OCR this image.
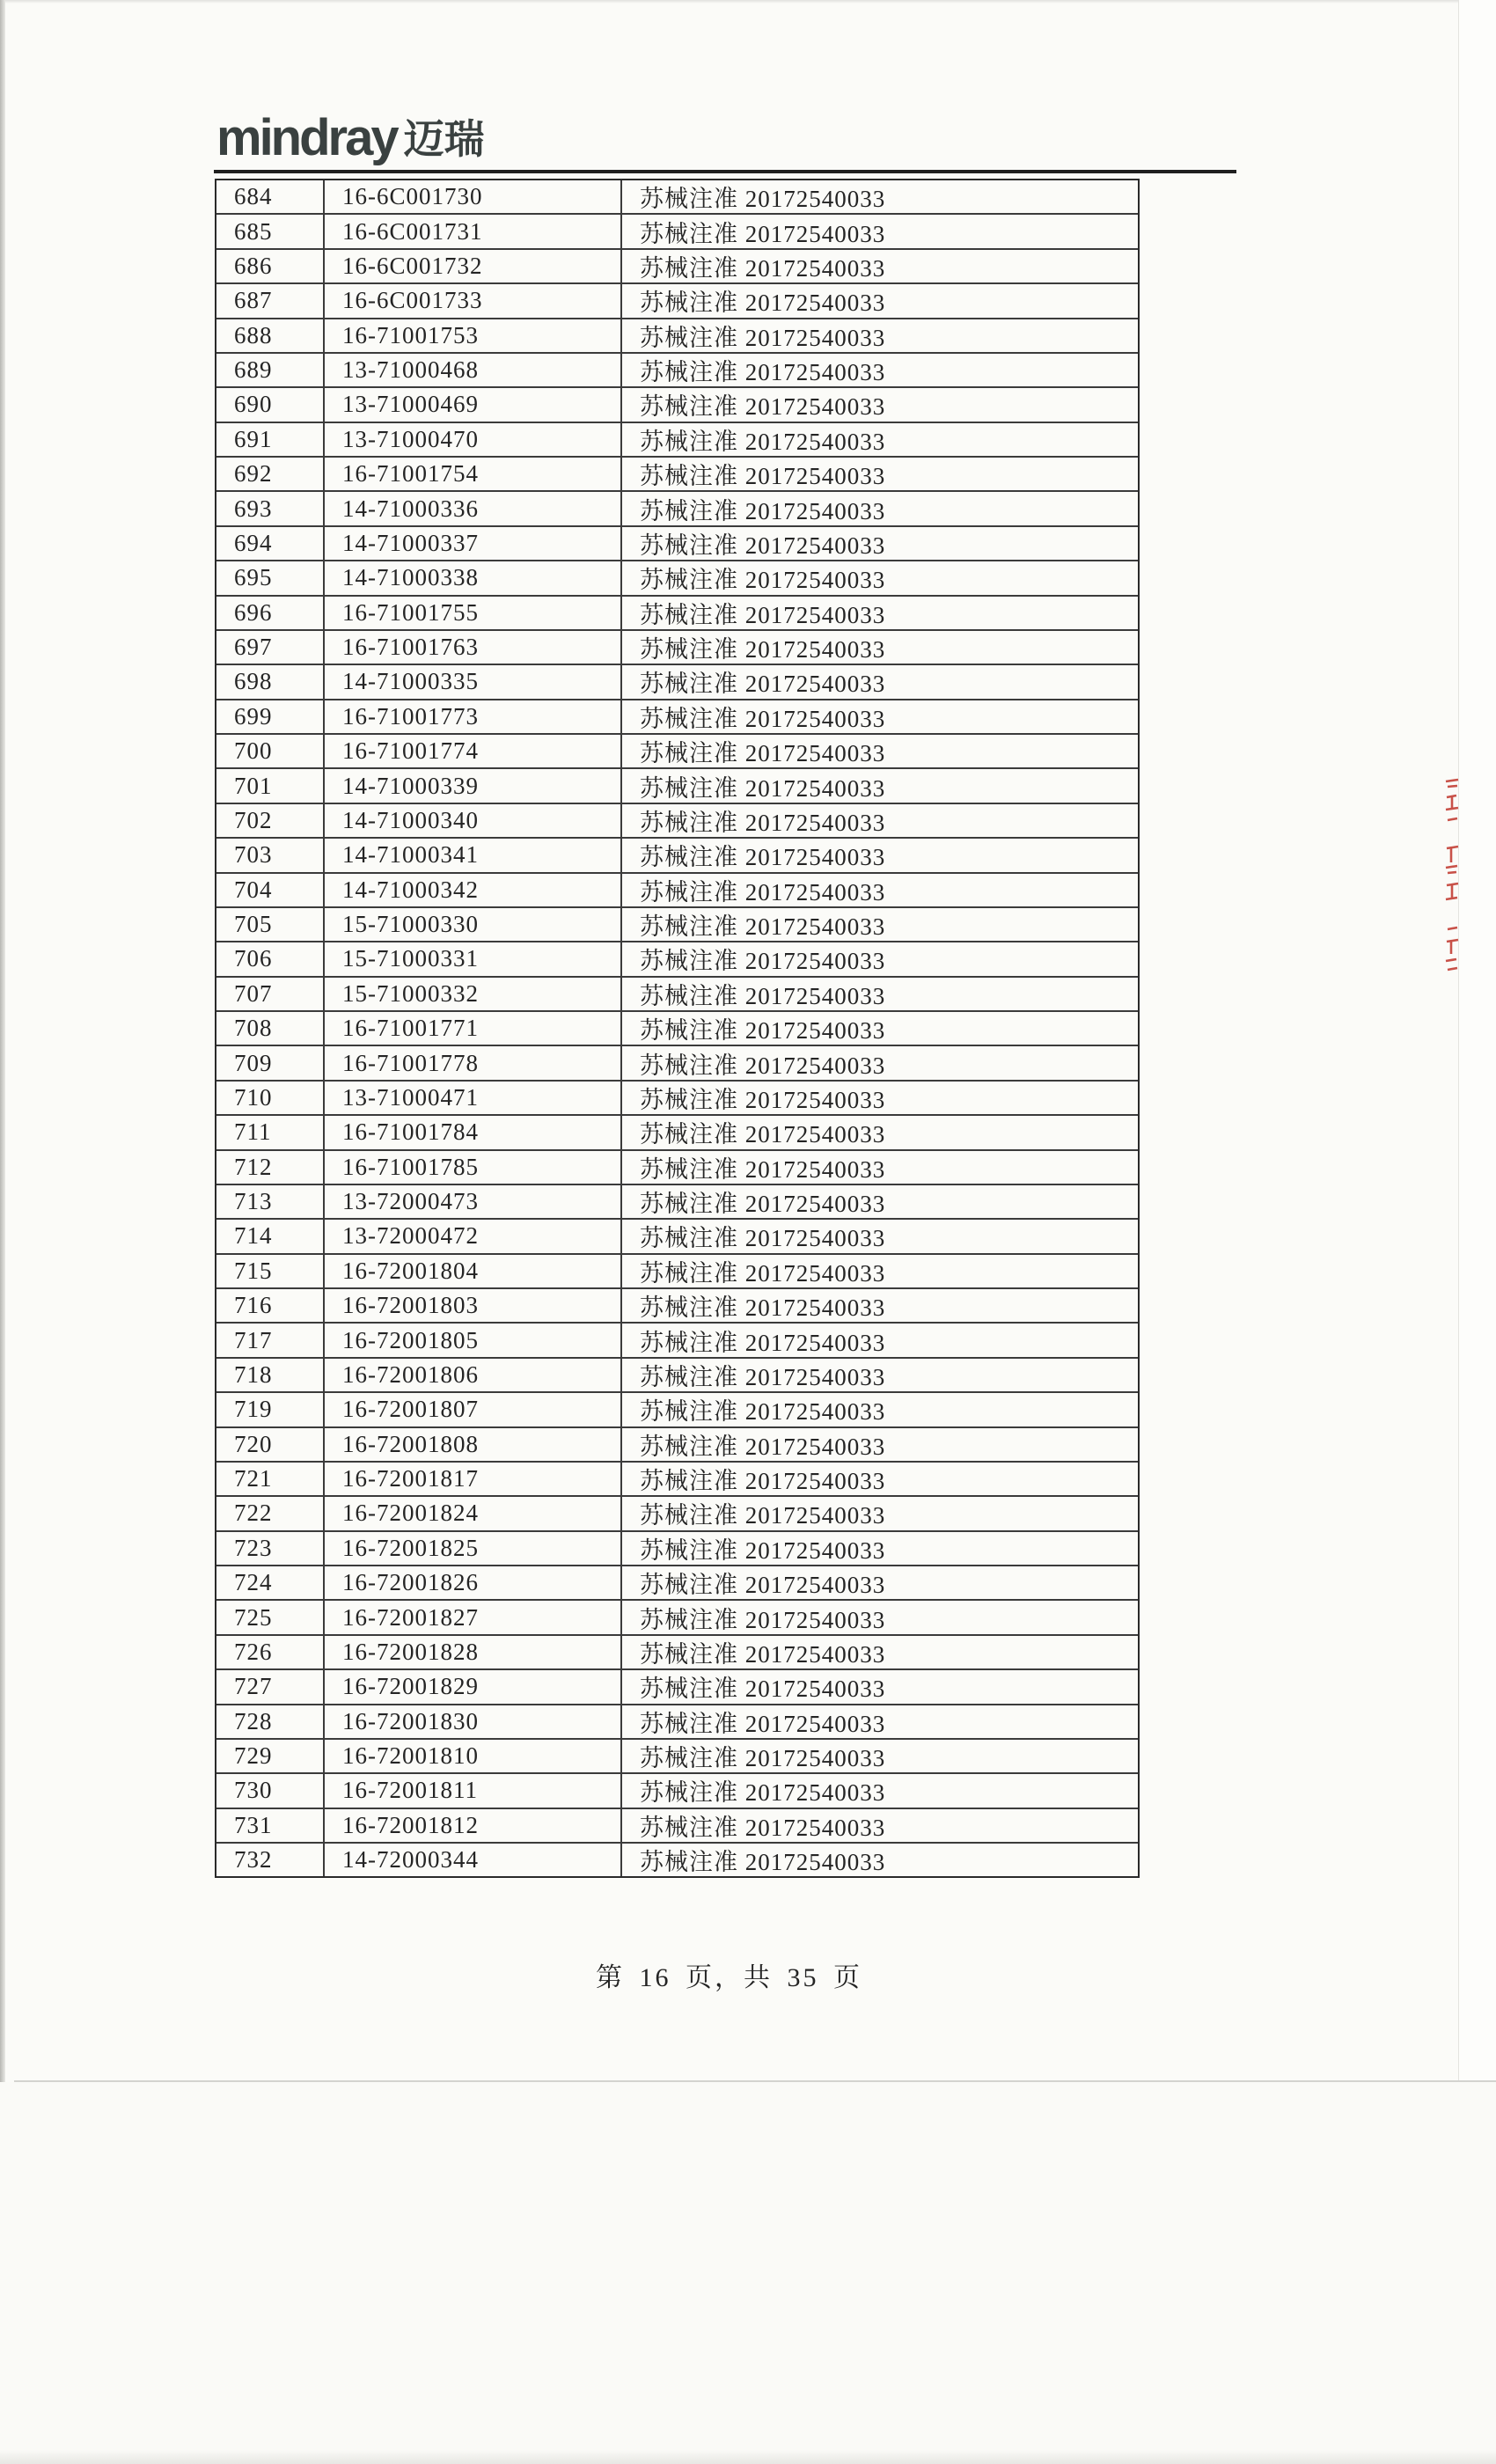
mindray 迈瑞
684	16-6C001730	苏械注准 20172540033
685	16-6C001731	苏械注准 20172540033
686	16-6C001732	苏械注准 20172540033
687	16-6C001733	苏械注准 20172540033
688	16-71001753	苏械注准 20172540033
689	13-71000468	苏械注准 20172540033
690	13-71000469	苏械注准 20172540033
691	13-71000470	苏械注准 20172540033
692	16-71001754	苏械注准 20172540033
693	14-71000336	苏械注准 20172540033
694	14-71000337	苏械注准 20172540033
695	14-71000338	苏械注准 20172540033
696	16-71001755	苏械注准 20172540033
697	16-71001763	苏械注准 20172540033
698	14-71000335	苏械注准 20172540033
699	16-71001773	苏械注准 20172540033
700	16-71001774	苏械注准 20172540033
701	14-71000339	苏械注准 20172540033
702	14-71000340	苏械注准 20172540033
703	14-71000341	苏械注准 20172540033
704	14-71000342	苏械注准 20172540033
705	15-71000330	苏械注准 20172540033
706	15-71000331	苏械注准 20172540033
707	15-71000332	苏械注准 20172540033
708	16-71001771	苏械注准 20172540033
709	16-71001778	苏械注准 20172540033
710	13-71000471	苏械注准 20172540033
711	16-71001784	苏械注准 20172540033
712	16-71001785	苏械注准 20172540033
713	13-72000473	苏械注准 20172540033
714	13-72000472	苏械注准 20172540033
715	16-72001804	苏械注准 20172540033
716	16-72001803	苏械注准 20172540033
717	16-72001805	苏械注准 20172540033
718	16-72001806	苏械注准 20172540033
719	16-72001807	苏械注准 20172540033
720	16-72001808	苏械注准 20172540033
721	16-72001817	苏械注准 20172540033
722	16-72001824	苏械注准 20172540033
723	16-72001825	苏械注准 20172540033
724	16-72001826	苏械注准 20172540033
725	16-72001827	苏械注准 20172540033
726	16-72001828	苏械注准 20172540033
727	16-72001829	苏械注准 20172540033
728	16-72001830	苏械注准 20172540033
729	16-72001810	苏械注准 20172540033
730	16-72001811	苏械注准 20172540033
731	16-72001812	苏械注准 20172540033
732	14-72000344	苏械注准 20172540033
第 16 页，共 35 页
